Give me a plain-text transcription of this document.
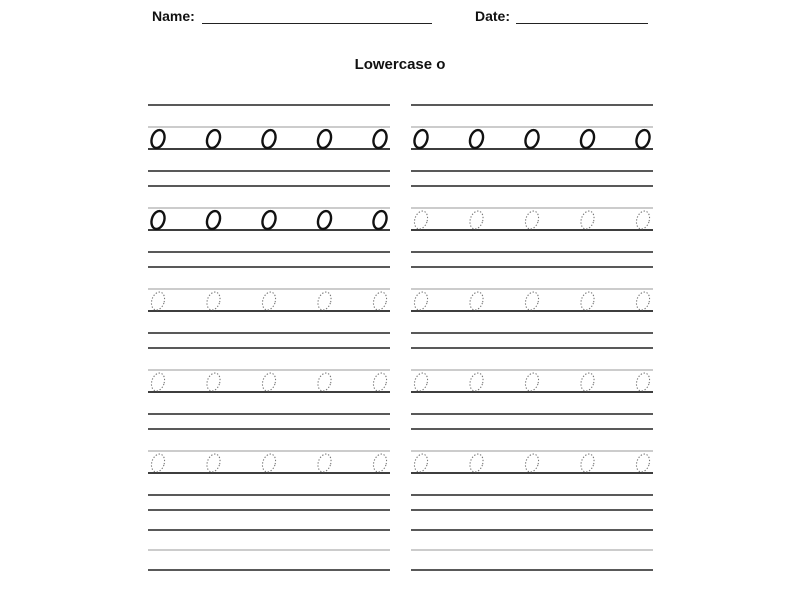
Name:	Date:
Lowercase o
